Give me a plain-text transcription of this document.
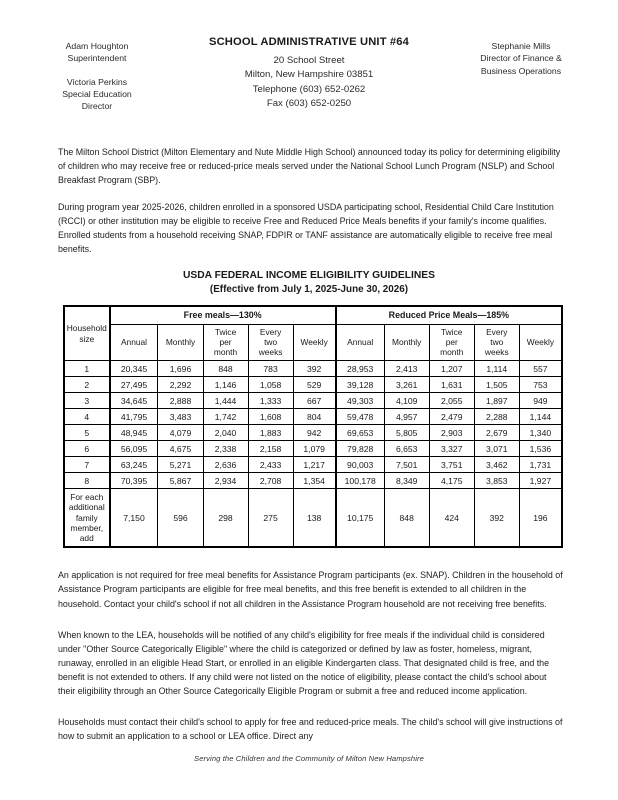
Adam Houghton
Superintendent
Victoria Perkins
Special Education
Director
SCHOOL ADMINISTRATIVE UNIT #64
20 School Street
Milton, New Hampshire 03851
Telephone (603) 652-0262
Fax (603) 652-0250
Stephanie Mills
Director of Finance &
Business Operations

The Milton School District (Milton Elementary and Nute Middle High School) announced today its policy for determining eligibility of children who may receive free or reduced-price meals served under the National School Lunch Program (NSLP) and School Breakfast Program (SBP).

During program year 2025-2026, children enrolled in a sponsored USDA participating school, Residential Child Care Institution (RCCI) or other institution may be eligible to receive Free and Reduced Price Meals benefits if your family's income qualifies. Enrolled students from a household receiving SNAP, FDPIR or TANF assistance are automatically eligible to receive free meal benefits.

USDA FEDERAL INCOME ELIGIBILITY GUIDELINES
(Effective from July 1, 2025-June 30, 2026)
Household
size	Free meals—130%					Reduced Price Meals—185%				
	Annual	Monthly	Twice
per
month	Every
two
weeks	Weekly	Annual	Monthly	Twice
per
month	Every
two
weeks	Weekly
1	20,345	1,696	848	783	392	28,953	2,413	1,207	1,114	557
2	27,495	2,292	1,146	1,058	529	39,128	3,261	1,631	1,505	753
3	34,645	2,888	1,444	1,333	667	49,303	4,109	2,055	1,897	949
4	41,795	3,483	1,742	1,608	804	59,478	4,957	2,479	2,288	1,144
5	48,945	4,079	2,040	1,883	942	69,653	5,805	2,903	2,679	1,340
6	56,095	4,675	2,338	2,158	1,079	79,828	6,653	3,327	3,071	1,536
7	63,245	5,271	2,636	2,433	1,217	90,003	7,501	3,751	3,462	1,731
8	70,395	5,867	2,934	2,708	1,354	100,178	8,349	4,175	3,853	1,927
For each
additional
family
member, add	7,150	596	298	275	138	10,175	848	424	392	196

An application is not required for free meal benefits for Assistance Program participants (ex. SNAP). Children in the household of Assistance Program participants are eligible for free meal benefits, and this free benefit is extended to all children in the household. Contact your child's school if not all children in the Assistance Program household are not receiving free benefits.

When known to the LEA, households will be notified of any child's eligibility for free meals if the individual child is considered under "Other Source Categorically Eligible" where the child is categorized or defined by law as foster, homeless, migrant, runaway, enrolled in an eligible Head Start, or enrolled in an eligible Kindergarten class. That designated child is free, and the benefit is not extended to others. If any child were not listed on the notice of eligibility, please contact the child's school about their eligibility through an Other Source Categorically Eligible Program or submit a free and reduced income application.

Households must contact their child's school to apply for free and reduced-price meals. The child's school will give instructions of how to submit an application to a school or LEA office. Direct any

Serving the Children and the Community of Milton New Hampshire
